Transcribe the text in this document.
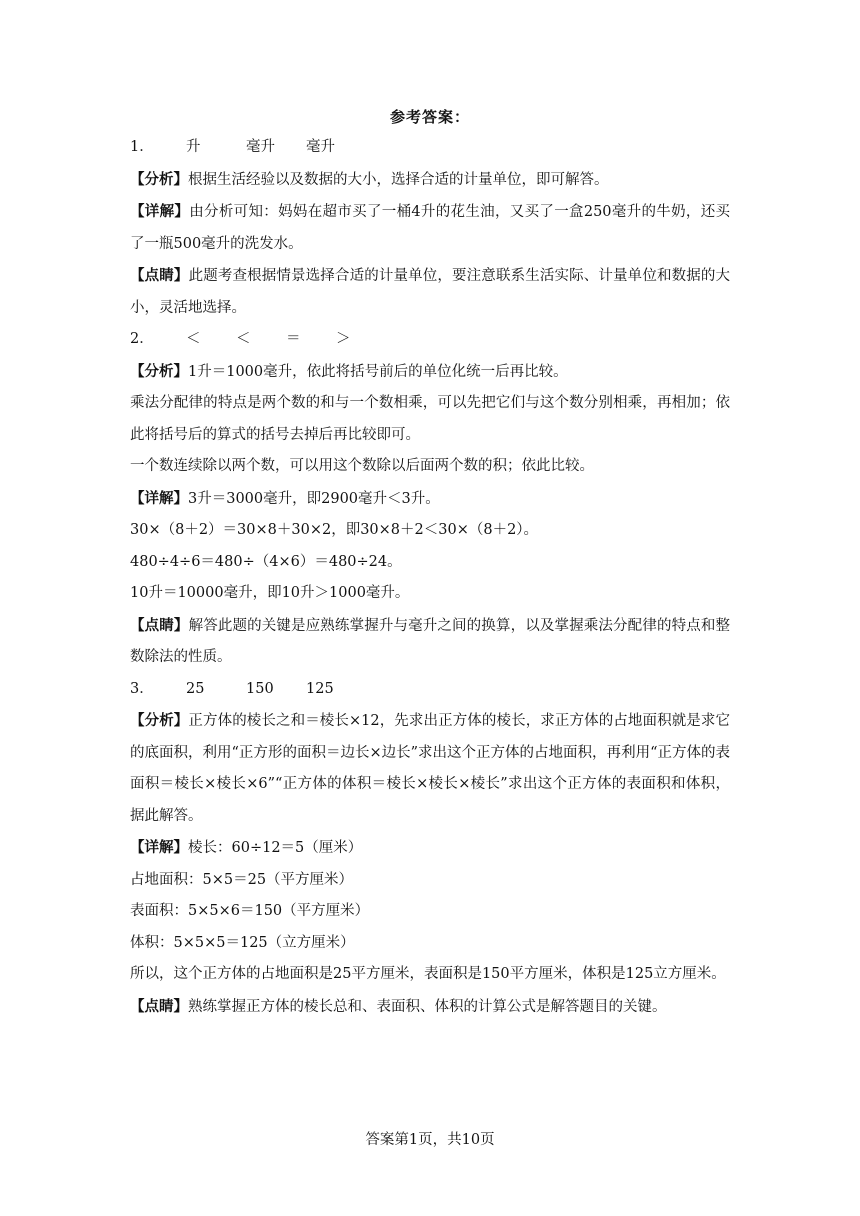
参考答案：
1．	升	毫升	毫升
【分析】根据生活经验以及数据的大小，选择合适的计量单位，即可解答。
【详解】由分析可知：妈妈在超市买了一桶4升的花生油，又买了一盒250毫升的牛奶，还买了一瓶500毫升的洗发水。
【点睛】此题考查根据情景选择合适的计量单位，要注意联系生活实际、计量单位和数据的大小，灵活地选择。
2．	＜	＜	＝	＞
【分析】1升＝1000毫升，依此将括号前后的单位化统一后再比较。
乘法分配律的特点是两个数的和与一个数相乘，可以先把它们与这个数分别相乘，再相加；依此将括号后的算式的括号去掉后再比较即可。
一个数连续除以两个数，可以用这个数除以后面两个数的积；依此比较。
【详解】3升＝3000毫升，即2900毫升＜3升。
30×（8＋2）＝30×8＋30×2，即30×8＋2＜30×（8＋2）。
480÷4÷6＝480÷（4×6）＝480÷24。
10升＝10000毫升，即10升＞1000毫升。
【点睛】解答此题的关键是应熟练掌握升与毫升之间的换算，以及掌握乘法分配律的特点和整数除法的性质。
3．	25	150	125
【分析】正方体的棱长之和＝棱长×12，先求出正方体的棱长，求正方体的占地面积就是求它的底面积，利用“正方形的面积＝边长×边长”求出这个正方体的占地面积，再利用“正方体的表面积＝棱长×棱长×6”“正方体的体积＝棱长×棱长×棱长”求出这个正方体的表面积和体积，据此解答。
【详解】棱长：60÷12＝5（厘米）
占地面积：5×5＝25（平方厘米）
表面积：5×5×6＝150（平方厘米）
体积：5×5×5＝125（立方厘米）
所以，这个正方体的占地面积是25平方厘米，表面积是150平方厘米，体积是125立方厘米。
【点睛】熟练掌握正方体的棱长总和、表面积、体积的计算公式是解答题目的关键。
答案第1页，共10页
